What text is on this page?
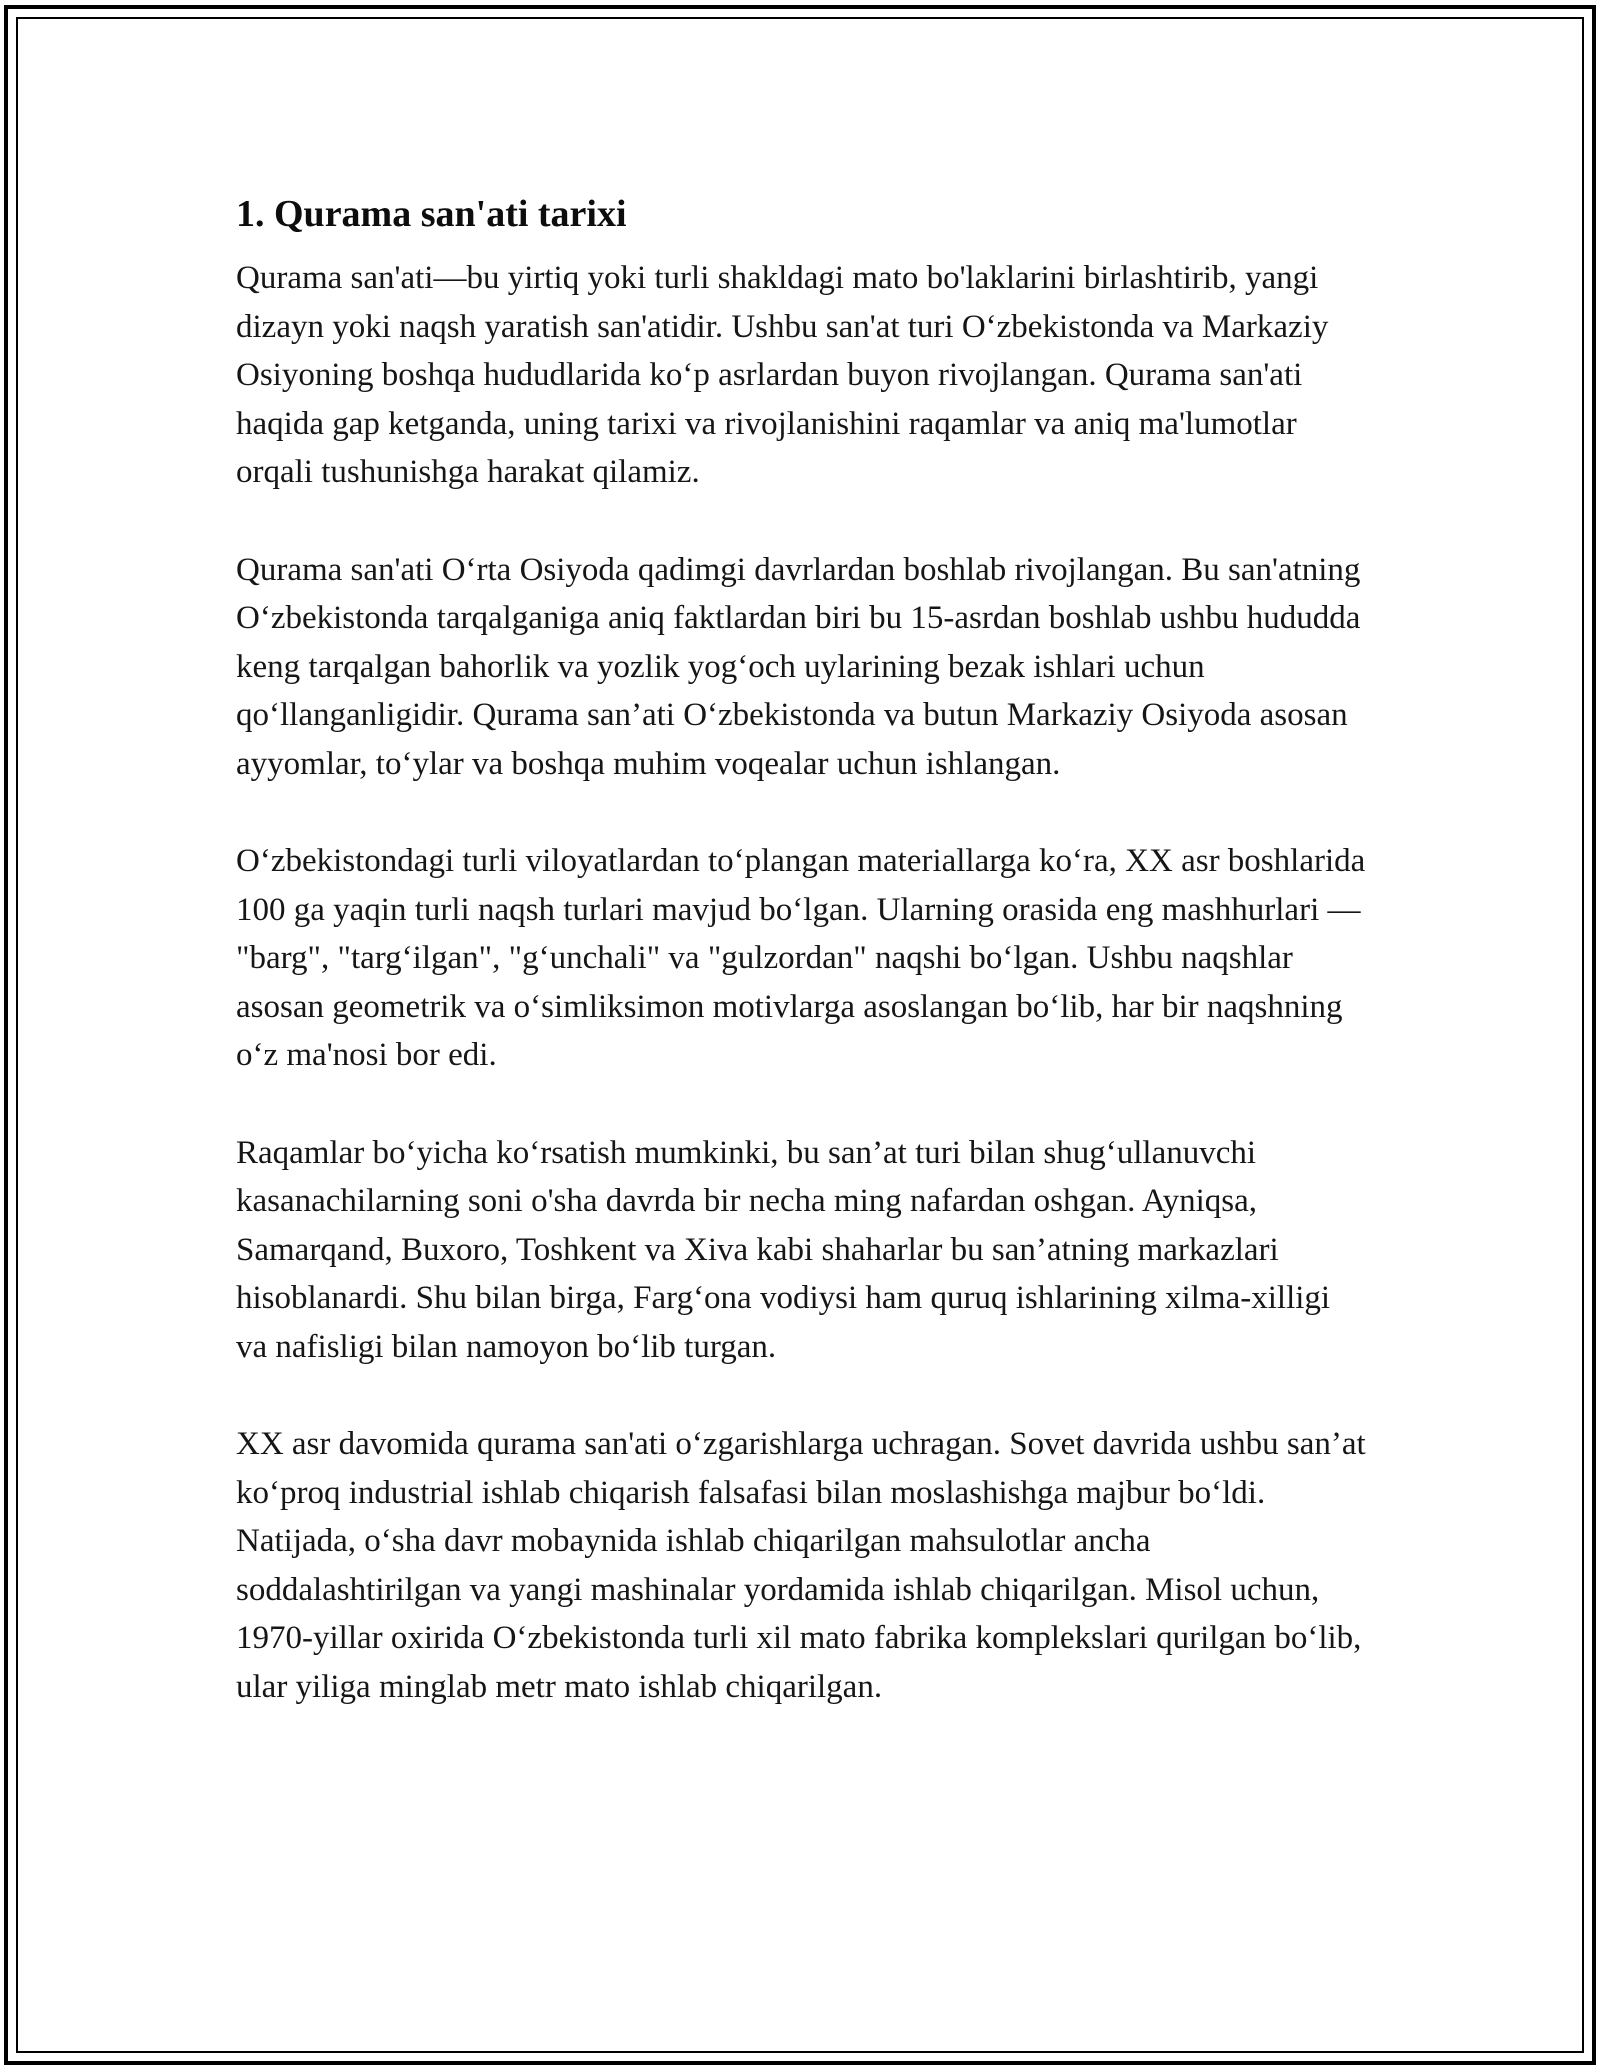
1. Qurama san'ati tarixi

Qurama san'ati—bu yirtiq yoki turli shakldagi mato bo'laklarini birlashtirib, yangi dizayn yoki naqsh yaratish san'atidir. Ushbu san'at turi O‘zbekistonda va Markaziy Osiyoning boshqa hududlarida ko‘p asrlardan buyon rivojlangan. Qurama san'ati haqida gap ketganda, uning tarixi va rivojlanishini raqamlar va aniq ma'lumotlar orqali tushunishga harakat qilamiz.

Qurama san'ati O‘rta Osiyoda qadimgi davrlardan boshlab rivojlangan. Bu san'atning O‘zbekistonda tarqalganiga aniq faktlardan biri bu 15-asrdan boshlab ushbu hududda keng tarqalgan bahorlik va yozlik yog‘och uylarining bezak ishlari uchun qo‘llanganligidir. Qurama san’ati O‘zbekistonda va butun Markaziy Osiyoda asosan ayyomlar, to‘ylar va boshqa muhim voqealar uchun ishlangan.

O‘zbekistondagi turli viloyatlardan to‘plangan materiallarga ko‘ra, XX asr boshlarida 100 ga yaqin turli naqsh turlari mavjud bo‘lgan. Ularning orasida eng mashhurlari — "barg", "targ‘ilgan", "g‘unchali" va "gulzordan" naqshi bo‘lgan. Ushbu naqshlar asosan geometrik va o‘simliksimon motivlarga asoslangan bo‘lib, har bir naqshning o‘z ma'nosi bor edi.

Raqamlar bo‘yicha ko‘rsatish mumkinki, bu san’at turi bilan shug‘ullanuvchi kasanachilarning soni o'sha davrda bir necha ming nafardan oshgan. Ayniqsa, Samarqand, Buxoro, Toshkent va Xiva kabi shaharlar bu san’atning markazlari hisoblanardi. Shu bilan birga, Farg‘ona vodiysi ham quruq ishlarining xilma-xilligi va nafisligi bilan namoyon bo‘lib turgan.

XX asr davomida qurama san'ati o‘zgarishlarga uchragan. Sovet davrida ushbu san’at ko‘proq industrial ishlab chiqarish falsafasi bilan moslashishga majbur bo‘ldi. Natijada, o‘sha davr mobaynida ishlab chiqarilgan mahsulotlar ancha soddalashtirilgan va yangi mashinalar yordamida ishlab chiqarilgan. Misol uchun, 1970-yillar oxirida O‘zbekistonda turli xil mato fabrika komplekslari qurilgan bo‘lib, ular yiliga minglab metr mato ishlab chiqarilgan.
